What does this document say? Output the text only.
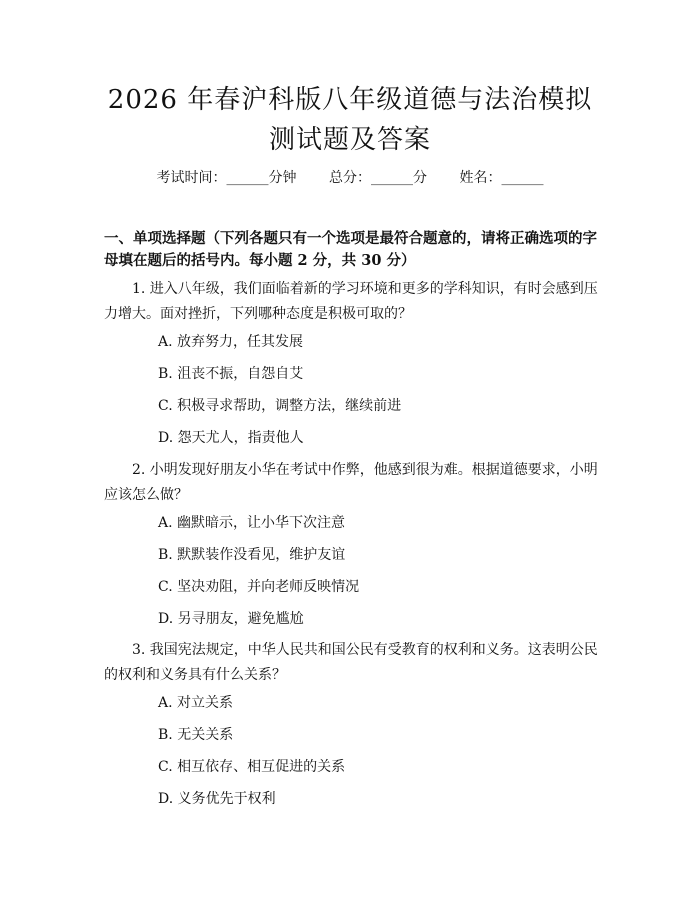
2026 年春沪科版八年级道德与法治模拟测试题及答案
考试时间：______分钟 总分：______分 姓名：______
一、单项选择题（下列各题只有一个选项是最符合题意的，请将正确选项的字母填在题后的括号内。每小题 2 分，共 30 分）
1. 进入八年级，我们面临着新的学习环境和更多的学科知识，有时会感到压力增大。面对挫折，下列哪种态度是积极可取的？
A. 放弃努力，任其发展
B. 沮丧不振，自怨自艾
C. 积极寻求帮助，调整方法，继续前进
D. 怨天尤人，指责他人
2. 小明发现好朋友小华在考试中作弊，他感到很为难。根据道德要求，小明应该怎么做？
A. 幽默暗示，让小华下次注意
B. 默默装作没看见，维护友谊
C. 坚决劝阻，并向老师反映情况
D. 另寻朋友，避免尴尬
3. 我国宪法规定，中华人民共和国公民有受教育的权利和义务。这表明公民的权利和义务具有什么关系？
A. 对立关系
B. 无关关系
C. 相互依存、相互促进的关系
D. 义务优先于权利
